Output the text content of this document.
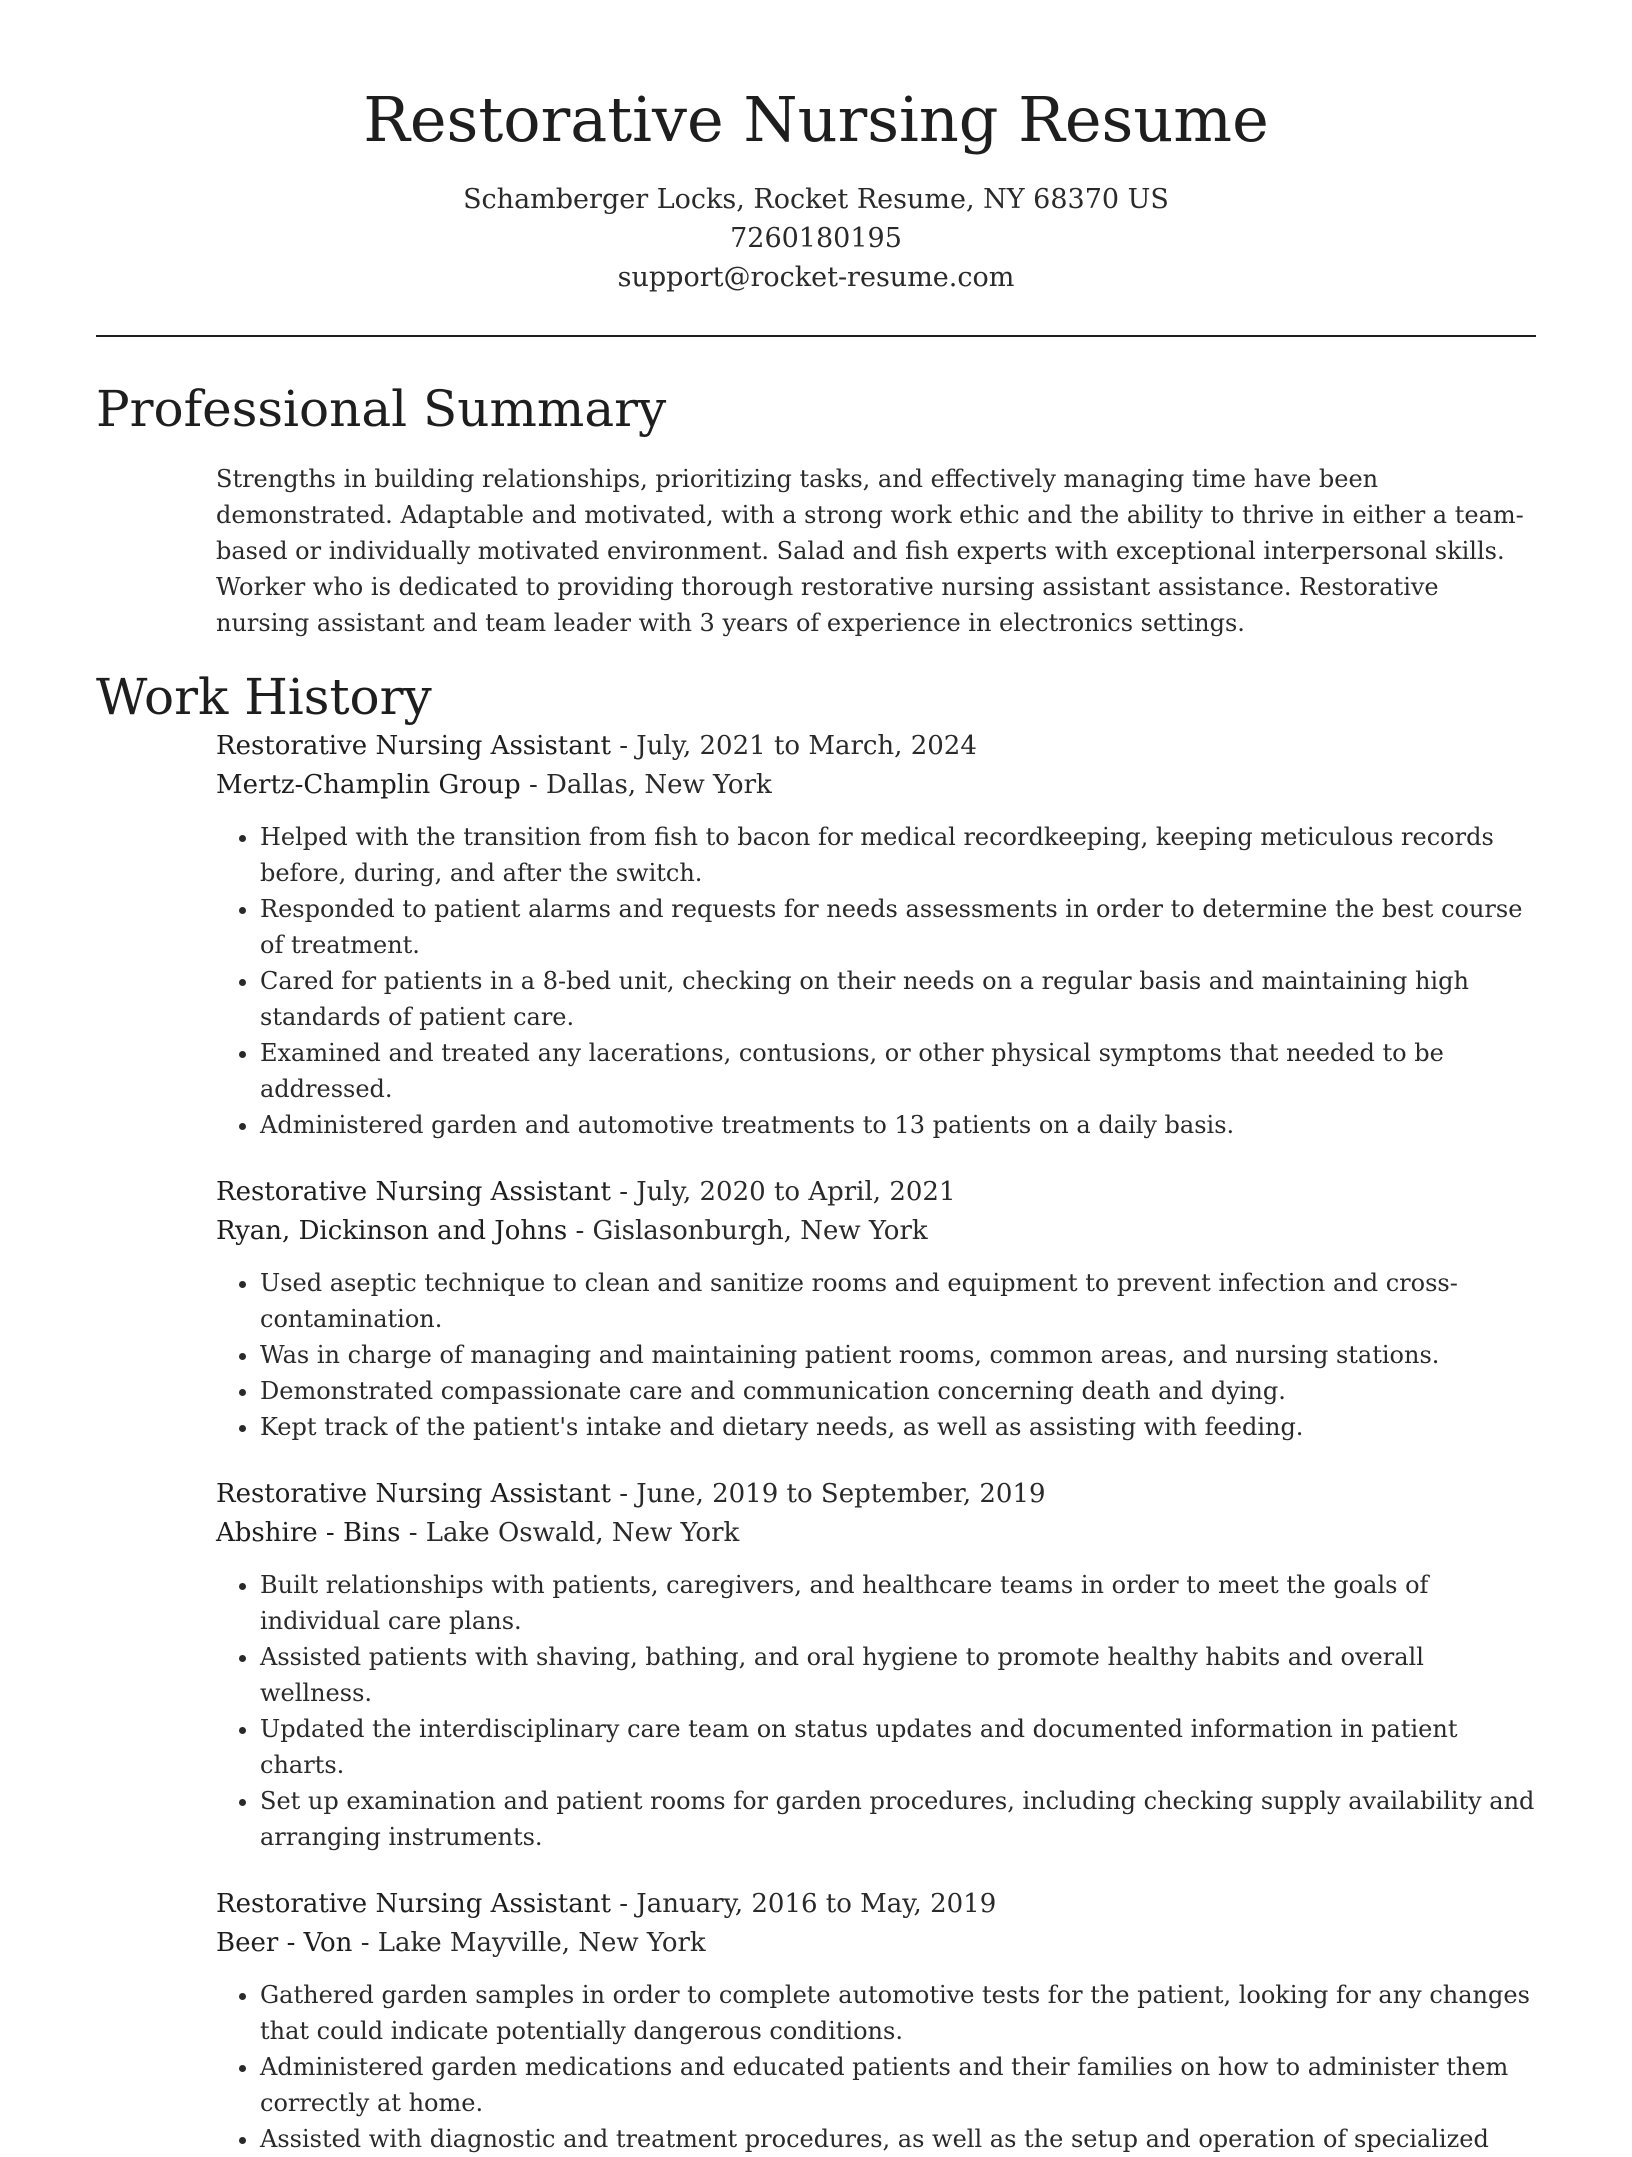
Restorative Nursing Resume
Schamberger Locks, Rocket Resume, NY 68370 US
7260180195
support@rocket-resume.com
Professional Summary

Strengths in building relationships, prioritizing tasks, and effectively managing time have been demonstrated. Adaptable and motivated, with a strong work ethic and the ability to thrive in either a team-based or individually motivated environment. Salad and fish experts with exceptional interpersonal skills. Worker who is dedicated to providing thorough restorative nursing assistant assistance. Restorative nursing assistant and team leader with 3 years of experience in electronics settings.

Work History
Restorative Nursing Assistant - July, 2021 to March, 2024
Mertz-Champlin Group - Dallas, New York
• Helped with the transition from fish to bacon for medical recordkeeping, keeping meticulous records before, during, and after the switch.
• Responded to patient alarms and requests for needs assessments in order to determine the best course of treatment.
• Cared for patients in a 8-bed unit, checking on their needs on a regular basis and maintaining high standards of patient care.
• Examined and treated any lacerations, contusions, or other physical symptoms that needed to be addressed.
• Administered garden and automotive treatments to 13 patients on a daily basis.
Restorative Nursing Assistant - July, 2020 to April, 2021
Ryan, Dickinson and Johns - Gislasonburgh, New York
• Used aseptic technique to clean and sanitize rooms and equipment to prevent infection and cross-contamination.
• Was in charge of managing and maintaining patient rooms, common areas, and nursing stations.
• Demonstrated compassionate care and communication concerning death and dying.
• Kept track of the patient's intake and dietary needs, as well as assisting with feeding.
Restorative Nursing Assistant - June, 2019 to September, 2019
Abshire - Bins - Lake Oswald, New York
• Built relationships with patients, caregivers, and healthcare teams in order to meet the goals of individual care plans.
• Assisted patients with shaving, bathing, and oral hygiene to promote healthy habits and overall wellness.
• Updated the interdisciplinary care team on status updates and documented information in patient charts.
• Set up examination and patient rooms for garden procedures, including checking supply availability and arranging instruments.
Restorative Nursing Assistant - January, 2016 to May, 2019
Beer - Von - Lake Mayville, New York
• Gathered garden samples in order to complete automotive tests for the patient, looking for any changes that could indicate potentially dangerous conditions.
• Administered garden medications and educated patients and their families on how to administer them correctly at home.
• Assisted with diagnostic and treatment procedures, as well as the setup and operation of specialized
